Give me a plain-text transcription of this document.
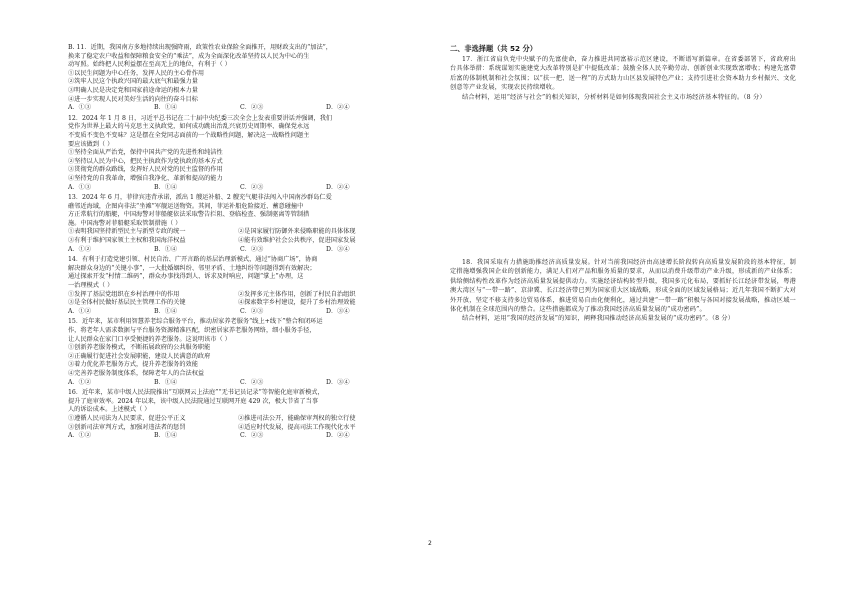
B. 11．近期，我国南方多地持续出现强降雨，政策性农业保险全面推开，用财政支出的“加法”，

换来了稳定农户收益和保障粮食安全的“乘法”，成为全面深化改革坚持以人民为中心的生

动写照。始终把人民利益摆在至高无上的地位，有利于（ ）

①以民生问题为中心任务，发挥人民的主心骨作用

②筑牢人民这个执政兴国的最大底气和最强力量

③明确人民是决定党和国家前途命运的根本力量

④进一步实现人民对美好生活的向往的奋斗目标

A．①③	B．①④	C．②③	D．②④

12．2024 年 1 月 8 日，习近平总书记在二十届中央纪委三次全会上发表重要讲话并强调，我们

党作为世界上最大的马克思主义执政党，如何成功跳出治乱兴衰历史周期率、确保党永远

不变质不变色不变味？这是摆在全党同志面前的一个战略性问题，解决这一战略性问题主

要应该做到（ ）

①坚持全面从严治党，保持中国共产党的先进性和纯洁性

②坚持以人民为中心，把民主执政作为党执政的基本方式

③贯彻党的群众路线，发挥好人民对党的民主监督的作用

④坚持党的自我革命，增强自我净化、革新和提高的能力

A．①③	B．①④	C．②③	D．②④

13．2024 年 6 月，菲律宾违背承诺，派出 1 艘运补船、2 艘充气艇非法闯入中国南沙群岛仁爱

礁邻近海域，企图向非法“坐滩”军舰运送物资。其间，菲运补船危险接近、蓄意碰撞中

方正常航行的船艇，中国海警对菲船艇依法采取警告拦阻、登临检查、强制驱离等管制措

施。中国海警对菲船艇采取管制措施（ ）

①表明我国坚持新型民主与新型专政的统一	②是国家履行防御外来侵略职能的具体体现
③有利于维护国家领土主权和我国海洋权益	④能有效维护社会公共秩序，促进国家发展
A．①②	B．①④	C．②③	D．③④

14．有利于打造党建引领、村民自治、广开言路的基层治理新模式，通过“协商广场”，协商

解决群众身边的“关键小事”，一大批婚姻纠纷、邻里矛盾、土地纠纷等问题得到有效解决；

通过探索开发“村情二维码”，群众办事找得到人、诉求及时响应，问题“掌上”办理，这

一治理模式（ ）

①发挥了基层党组织在乡村治理中的作用	②发挥多元主体作用，创新了村民自治组织
③是全体村民做好基层民主管理工作的关键	④探索数字乡村建设，提升了乡村治理效能
A．①②	B．①④	C．②③	D．③④

15．近年来，某市利用智慧养老综合服务平台，推动居家养老服务“线上+线下”整合和闭环运

作，将老年人需求数据与平台服务资源精准匹配，织密居家养老服务网络，细小服务手径，

让人民群众在家门口享受便捷的养老服务。这说明该市（ ）

①创新养老服务模式，不断拓展政府的公共服务职能

②正确履行促进社会发展职能，建设人民满意的政府

③着力优化养老服务方式，提升养老服务的效能

④完善养老服务制度体系，保障老年人的合法权益

A．①②	B．①④	C．②③	D．③④

16．近年来，某市中级人民法院推出“互联网云上法庭”“无书记员记录”等智能化庭审新模式，

提升了庭审效率。2024 年以来，该中级人民法院通过互联网开庭 429 次，极大节省了当事

人的诉讼成本。上述模式（ ）

①遵循人民司法为人民要求，促进公平正义	②推进司法公开，能确保审判权的独立行使
③创新司法审判方式，加强对违法者的惩罚	④适应时代发展，提高司法工作现代化水平
A．①②	B．①④	C．②③	D．②④

二、非选择题（共 52 分）

17．浙江省肩负党中央赋予的先富使命，奋力推进共同富裕示范区建设，不断谱写新篇章。在省委部署下，省政府出台具体举措：系统谋划实施建党大改革特别是扩中提低改革；鼓励全体人民辛勤劳动、创新创业实现致富增收；构建先富帶后富的体制机制和社会氛围；以“扶一把、送一程”的方式助力山区县发展特色产业；支持引进社会资本助力乡村振兴、文化创意等产业发展，实现农民持续增收。

结合材料，运用“经济与社会”的相关知识，分析材料是如何体现我国社会主义市场经济基本特征的。（8 分）

18．我国采取有力措施助推经济高质量发展。针对当前我国经济由高速增长阶段转向高质量发展阶段的基本特征，制定措施增强我国企业的创新能力，满足人们对产品和服务质量的要求，从而以消费升级带动产业升级，形成新的产业体系；供给侧结构性改革作为经济高质量发展提供动力。实施经济结构转型升级，我国多元化布局，要抓好长江经济带发展，粤港澳大湾区与“一带一路”、京津冀、长江经济带已列为国家重大区域战略，形成全面的区域发展格局；近几年我国不断扩大对外开放，坚定不移支持多边贸易体系，推进贸易自由化便利化，通过共建“一带一路”积极与各国对接发展战略，推动区域一体化机制在全球范围内的整合。这些措施都成为了推动我国经济高质量发展的“成功密码”。

结合材料，运用“我国的经济发展”的知识，阐释我国推动经济高质量发展的“成功密码”。（8 分）

2
